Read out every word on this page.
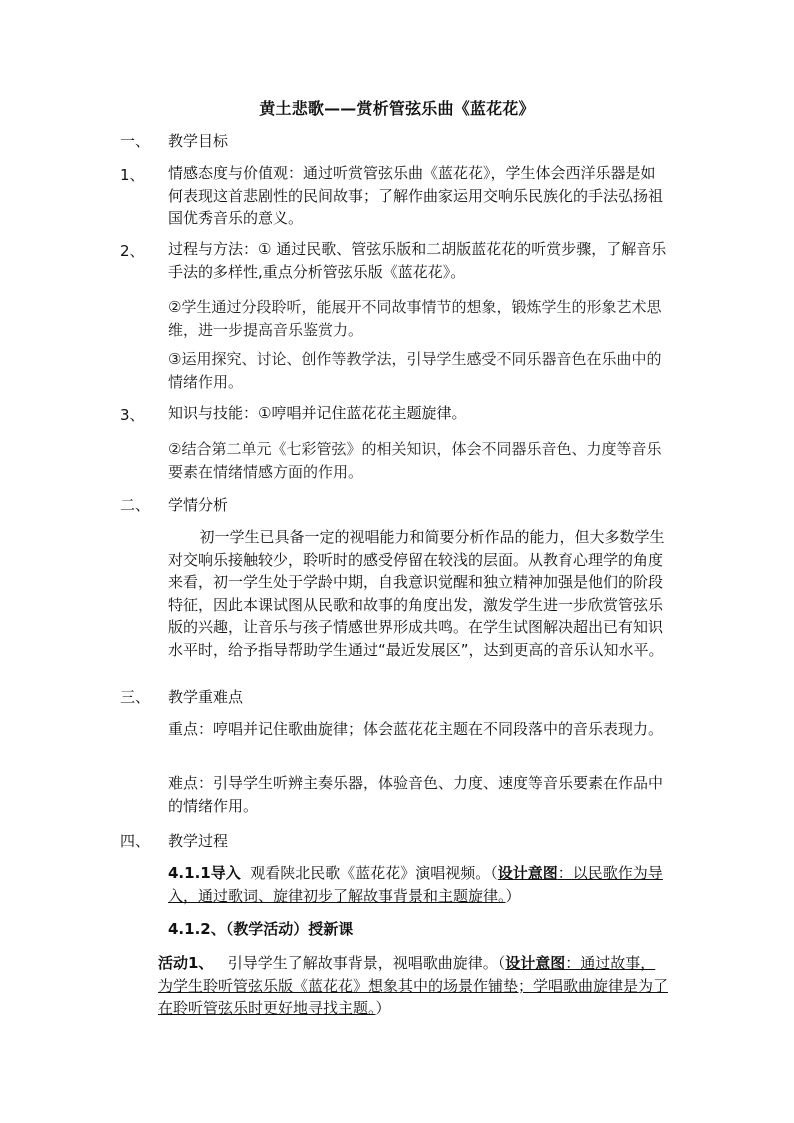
黄土悲歌——赏析管弦乐曲《蓝花花》
一、 教学目标
1、 情感态度与价值观：通过听赏管弦乐曲《蓝花花》，学生体会西洋乐器是如何表现这首悲剧性的民间故事；了解作曲家运用交响乐民族化的手法弘扬祖国优秀音乐的意义。
2、 过程与方法：① 通过民歌、管弦乐版和二胡版蓝花花的听赏步骤，了解音乐手法的多样性,重点分析管弦乐版《蓝花花》。
②学生通过分段聆听，能展开不同故事情节的想象，锻炼学生的形象艺术思维，进一步提高音乐鉴赏力。
③运用探究、讨论、创作等教学法，引导学生感受不同乐器音色在乐曲中的情绪作用。
3、 知识与技能：①哼唱并记住蓝花花主题旋律。
②结合第二单元《七彩管弦》的相关知识，体会不同器乐音色、力度等音乐要素在情绪情感方面的作用。
二、 学情分析
初一学生已具备一定的视唱能力和简要分析作品的能力，但大多数学生对交响乐接触较少，聆听时的感受停留在较浅的层面。从教育心理学的角度来看，初一学生处于学龄中期，自我意识觉醒和独立精神加强是他们的阶段特征，因此本课试图从民歌和故事的角度出发，激发学生进一步欣赏管弦乐版的兴趣，让音乐与孩子情感世界形成共鸣。在学生试图解决超出已有知识水平时，给予指导帮助学生通过“最近发展区”，达到更高的音乐认知水平。
三、 教学重难点
重点：哼唱并记住歌曲旋律；体会蓝花花主题在不同段落中的音乐表现力。
难点：引导学生听辨主奏乐器，体验音色、力度、速度等音乐要素在作品中的情绪作用。
四、 教学过程
4.1.1导入 观看陕北民歌《蓝花花》演唱视频。（设计意图：以民歌作为导入，通过歌词、旋律初步了解故事背景和主题旋律。）
4.1.2、（教学活动）授新课
活动1、 引导学生了解故事背景，视唱歌曲旋律。（设计意图：通过故事，为学生聆听管弦乐版《蓝花花》想象其中的场景作铺垫；学唱歌曲旋律是为了在聆听管弦乐时更好地寻找主题。）
